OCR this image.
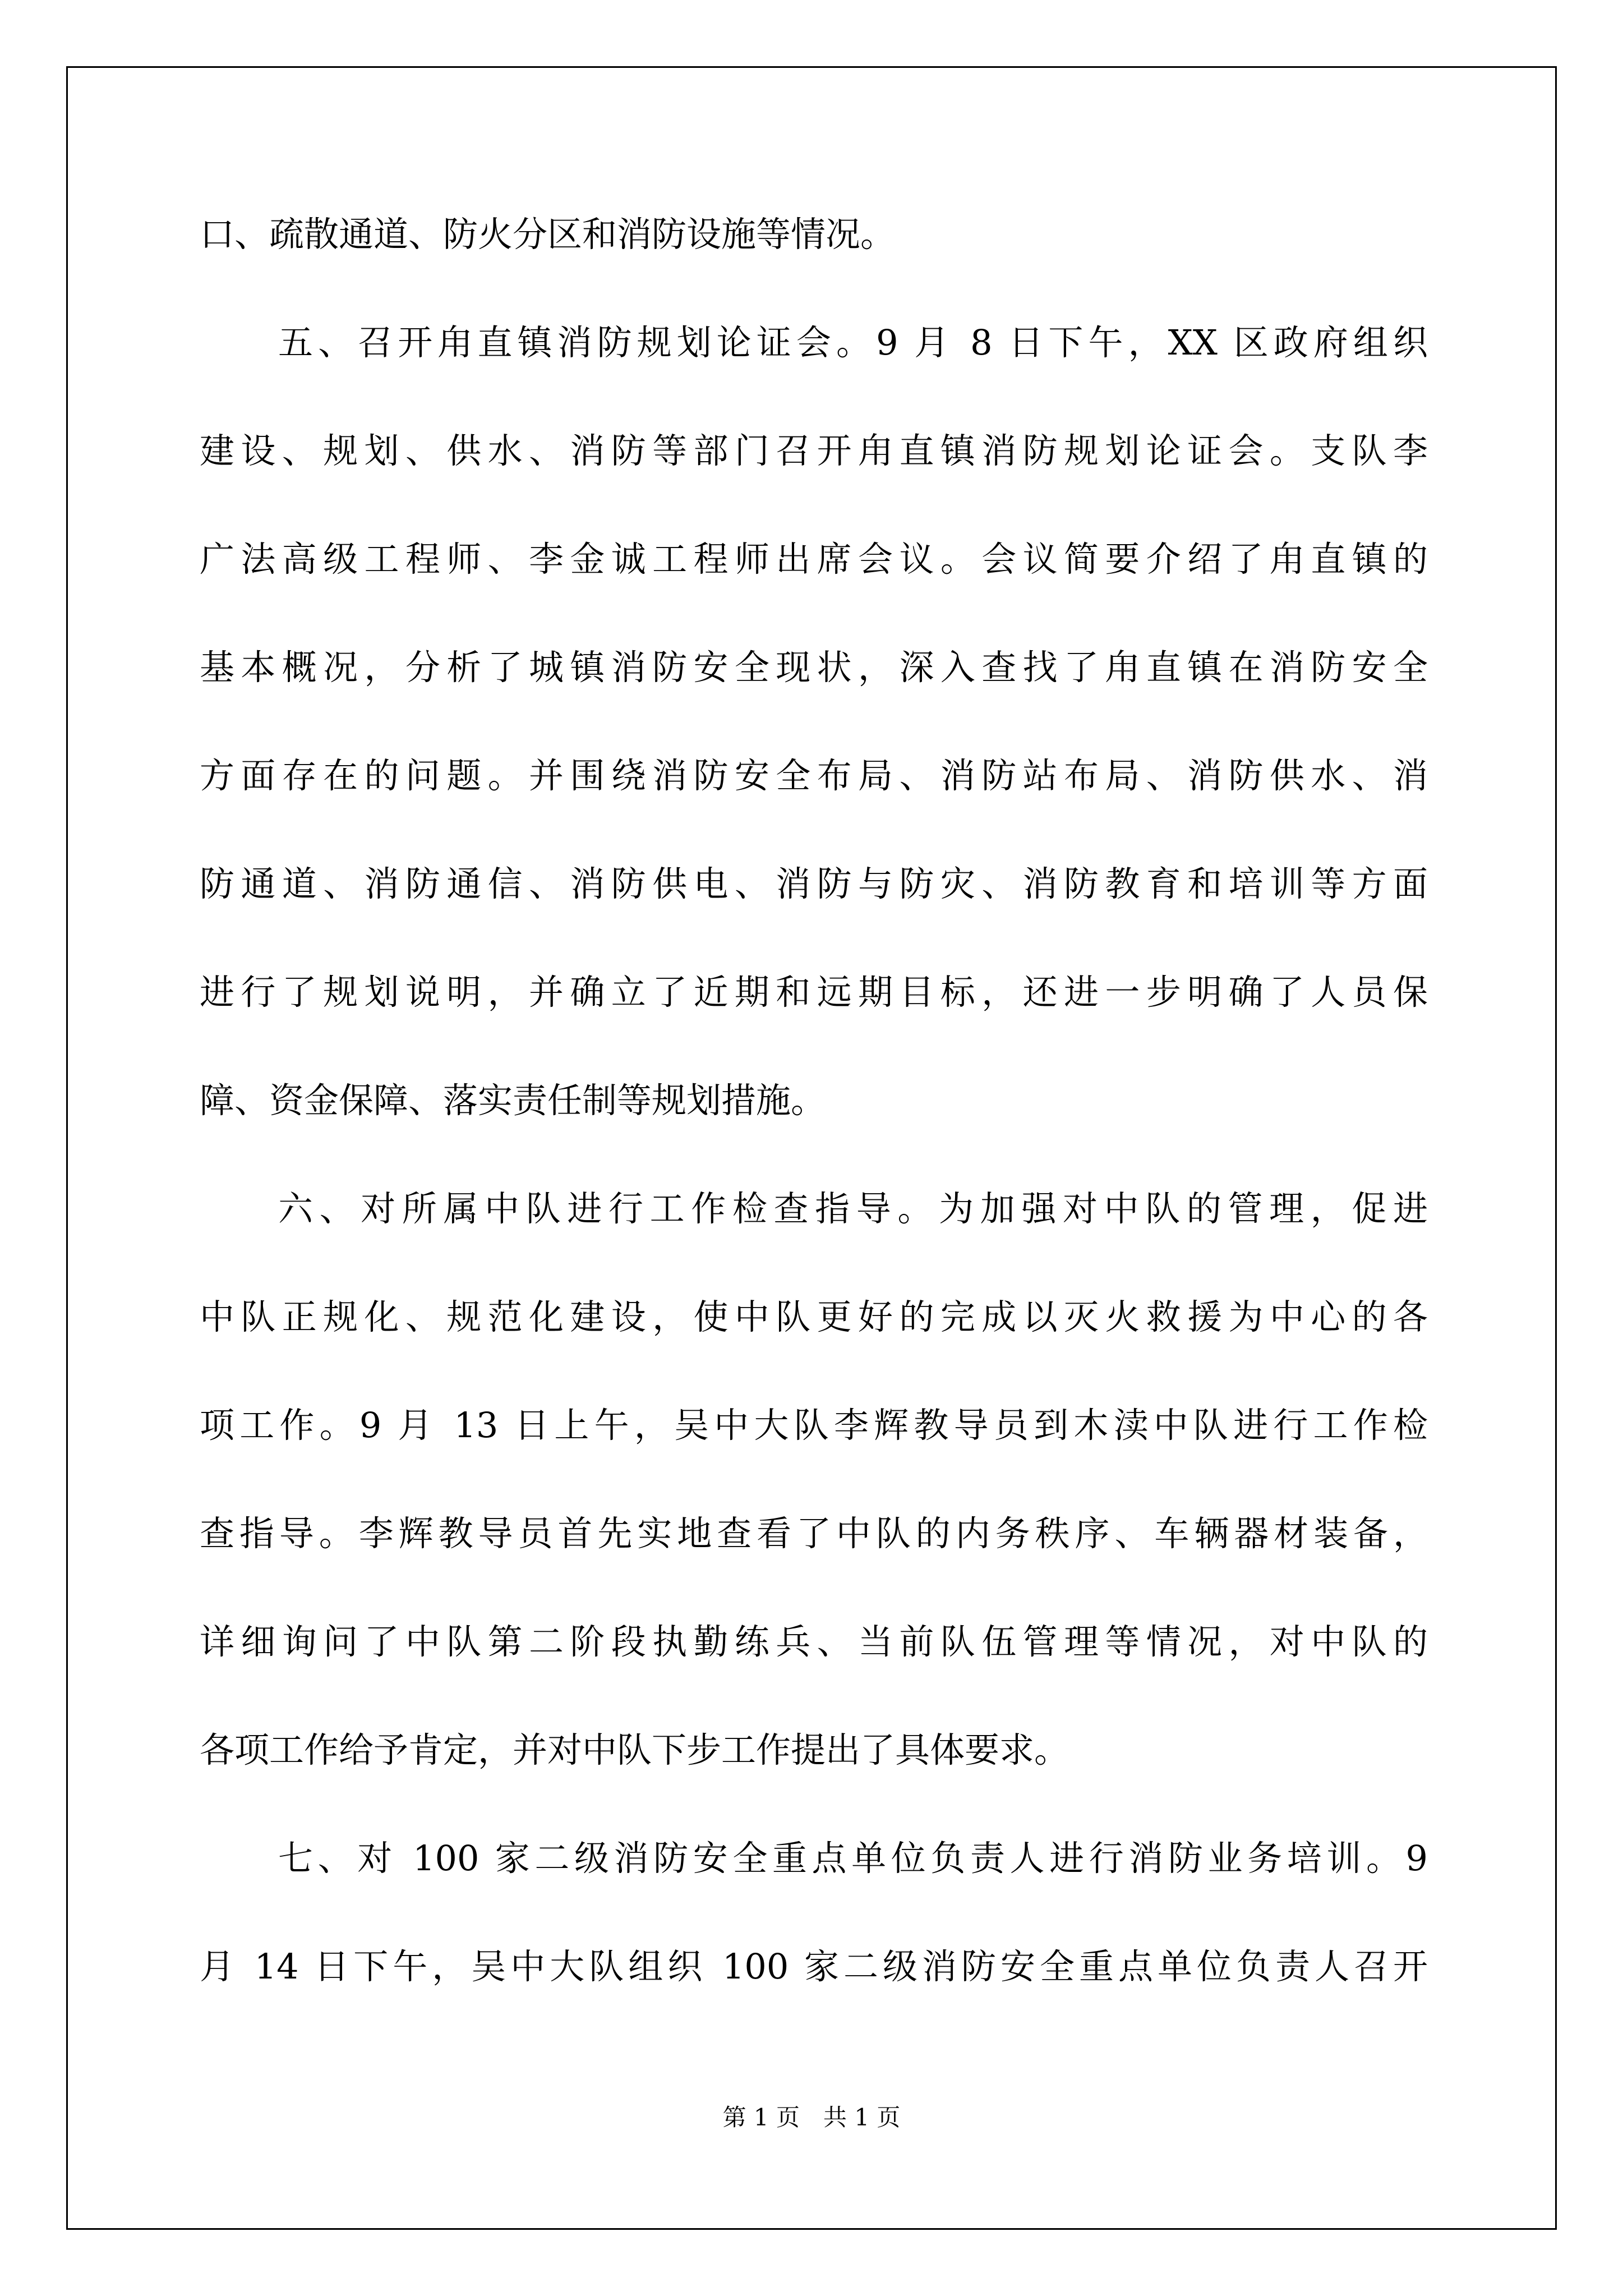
口、疏散通道、防火分区和消防设施等情况。
五、召开甪直镇消防规划论证会。9 月 8 日下午，XX 区政府组织
建设、规划、供水、消防等部门召开甪直镇消防规划论证会。支队李
广法高级工程师、李金诚工程师出席会议。会议简要介绍了甪直镇的
基本概况，分析了城镇消防安全现状，深入查找了甪直镇在消防安全
方面存在的问题。并围绕消防安全布局、消防站布局、消防供水、消
防通道、消防通信、消防供电、消防与防灾、消防教育和培训等方面
进行了规划说明，并确立了近期和远期目标，还进一步明确了人员保
障、资金保障、落实责任制等规划措施。
六、对所属中队进行工作检查指导。为加强对中队的管理，促进
中队正规化、规范化建设，使中队更好的完成以灭火救援为中心的各
项工作。9 月 13 日上午，吴中大队李辉教导员到木渎中队进行工作检
查指导。李辉教导员首先实地查看了中队的内务秩序、车辆器材装备，
详细询问了中队第二阶段执勤练兵、当前队伍管理等情况，对中队的
各项工作给予肯定，并对中队下步工作提出了具体要求。
七、对 100 家二级消防安全重点单位负责人进行消防业务培训。9
月 14 日下午，吴中大队组织 100 家二级消防安全重点单位负责人召开
第 1 页　共 1 页
